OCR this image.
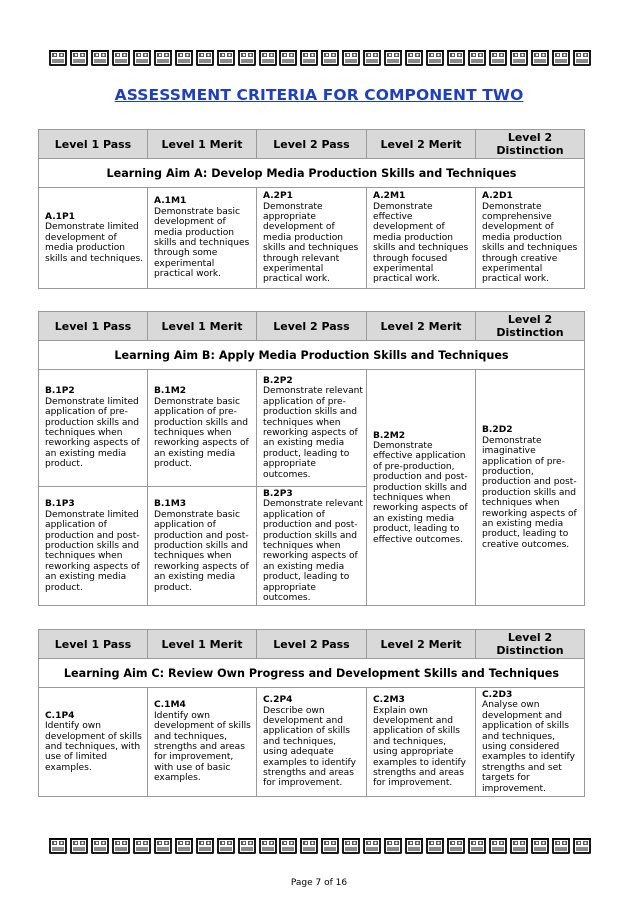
ASSESSMENT CRITERIA FOR COMPONENT TWO
Level 1 Pass	Level 1 Merit	Level 2 Pass	Level 2 Merit	Level 2 Distinction
Learning Aim A: Develop Media Production Skills and Techniques				

A.1P1
Demonstrate limited development of media production skills and techniques.	A.1M1
Demonstrate basic development of media production skills and techniques through some experimental practical work.	A.2P1
Demonstrate appropriate development of media production skills and techniques through relevant experimental practical work.	A.2M1
Demonstrate effective development of media production skills and techniques through focused experimental practical work.	A.2D1
Demonstrate comprehensive development of media production skills and techniques through creative experimental practical work.
Level 1 Pass	Level 1 Merit	Level 2 Pass	Level 2 Merit	Level 2 Distinction
Learning Aim B: Apply Media Production Skills and Techniques				

B.1P2
Demonstrate limited application of pre-production skills and techniques when reworking aspects of an existing media product.	B.1M2
Demonstrate basic application of pre-production skills and techniques when reworking aspects of an existing media product.	B.2P2
Demonstrate relevant application of pre-production skills and techniques when reworking aspects of an existing media product, leading to appropriate outcomes.	B.2M2
Demonstrate effective application of pre-production, production and post-production skills and techniques when reworking aspects of an existing media product, leading to effective outcomes.	B.2D2
Demonstrate imaginative application of pre-production, production and post-production skills and techniques when reworking aspects of an existing media product, leading to creative outcomes.

B.1P3
Demonstrate limited application of production and post-production skills and techniques when reworking aspects of an existing media product.	B.1M3
Demonstrate basic application of production and post-production skills and techniques when reworking aspects of an existing media product.	B.2P3
Demonstrate relevant application of production and post-production skills and techniques when reworking aspects of an existing media product, leading to appropriate outcomes.		
Level 1 Pass	Level 1 Merit	Level 2 Pass	Level 2 Merit	Level 2 Distinction
Learning Aim C: Review Own Progress and Development Skills and Techniques				

C.1P4
Identify own development of skills and techniques, with use of limited examples.	C.1M4
Identify own development of skills and techniques, strengths and areas for improvement, with use of basic examples.	C.2P4
Describe own development and application of skills and techniques, using adequate examples to identify strengths and areas for improvement.	C.2M3
Explain own development and application of skills and techniques, using appropriate examples to identify strengths and areas for improvement.	C.2D3
Analyse own development and application of skills and techniques, using considered examples to identify strengths and set targets for improvement.
Page 7 of 16
